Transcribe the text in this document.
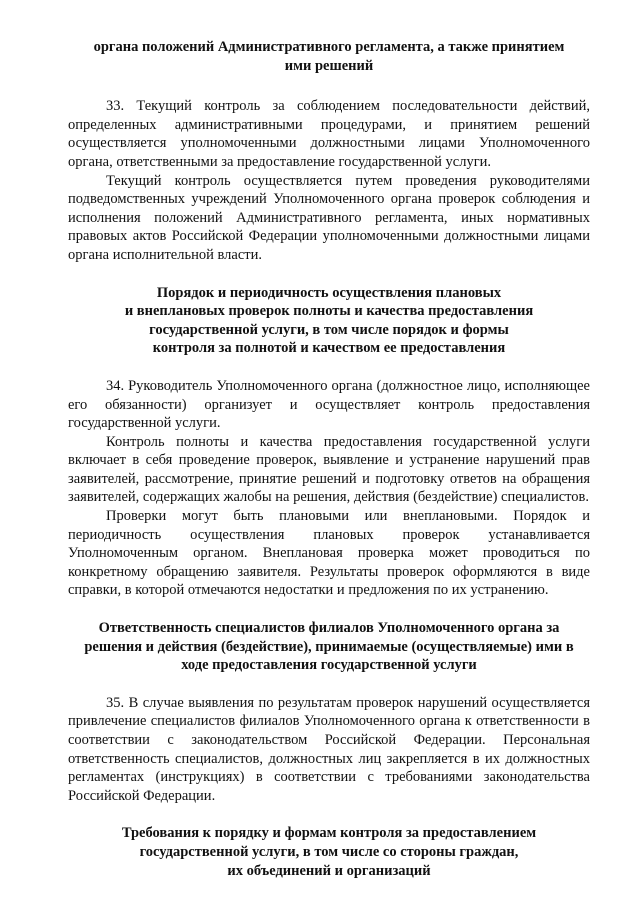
органа положений Административного регламента, а также принятием
ими решений

33. Текущий контроль за соблюдением последовательности действий, определенных административными процедурами, и принятием решений осуществляется уполномоченными должностными лицами Уполномоченного органа, ответственными за предоставление государственной услуги.

Текущий контроль осуществляется путем проведения руководителями подведомственных учреждений Уполномоченного органа проверок соблюдения и исполнения положений Административного регламента, иных нормативных правовых актов Российской Федерации уполномоченными должностными лицами органа исполнительной власти.

Порядок и периодичность осуществления плановых
и внеплановых проверок полноты и качества предоставления
государственной услуги, в том числе порядок и формы
контроля за полнотой и качеством ее предоставления

34. Руководитель Уполномоченного органа (должностное лицо, исполняющее его обязанности) организует и осуществляет контроль предоставления государственной услуги.

Контроль полноты и качества предоставления государственной услуги включает в себя проведение проверок, выявление и устранение нарушений прав заявителей, рассмотрение, принятие решений и подготовку ответов на обращения заявителей, содержащих жалобы на решения, действия (бездействие) специалистов.

Проверки могут быть плановыми или внеплановыми. Порядок и периодичность осуществления плановых проверок устанавливается Уполномоченным органом. Внеплановая проверка может проводиться по конкретному обращению заявителя. Результаты проверок оформляются в виде справки, в которой отмечаются недостатки и предложения по их устранению.

Ответственность специалистов филиалов Уполномоченного органа за
решения и действия (бездействие), принимаемые (осуществляемые) ими в
ходе предоставления государственной услуги

35. В случае выявления по результатам проверок нарушений осуществляется привлечение специалистов филиалов Уполномоченного органа к ответственности в соответствии с законодательством Российской Федерации. Персональная ответственность специалистов, должностных лиц закрепляется в их должностных регламентах (инструкциях) в соответствии с требованиями законодательства Российской Федерации.

Требования к порядку и формам контроля за предоставлением
государственной услуги, в том числе со стороны граждан,
их объединений и организаций
